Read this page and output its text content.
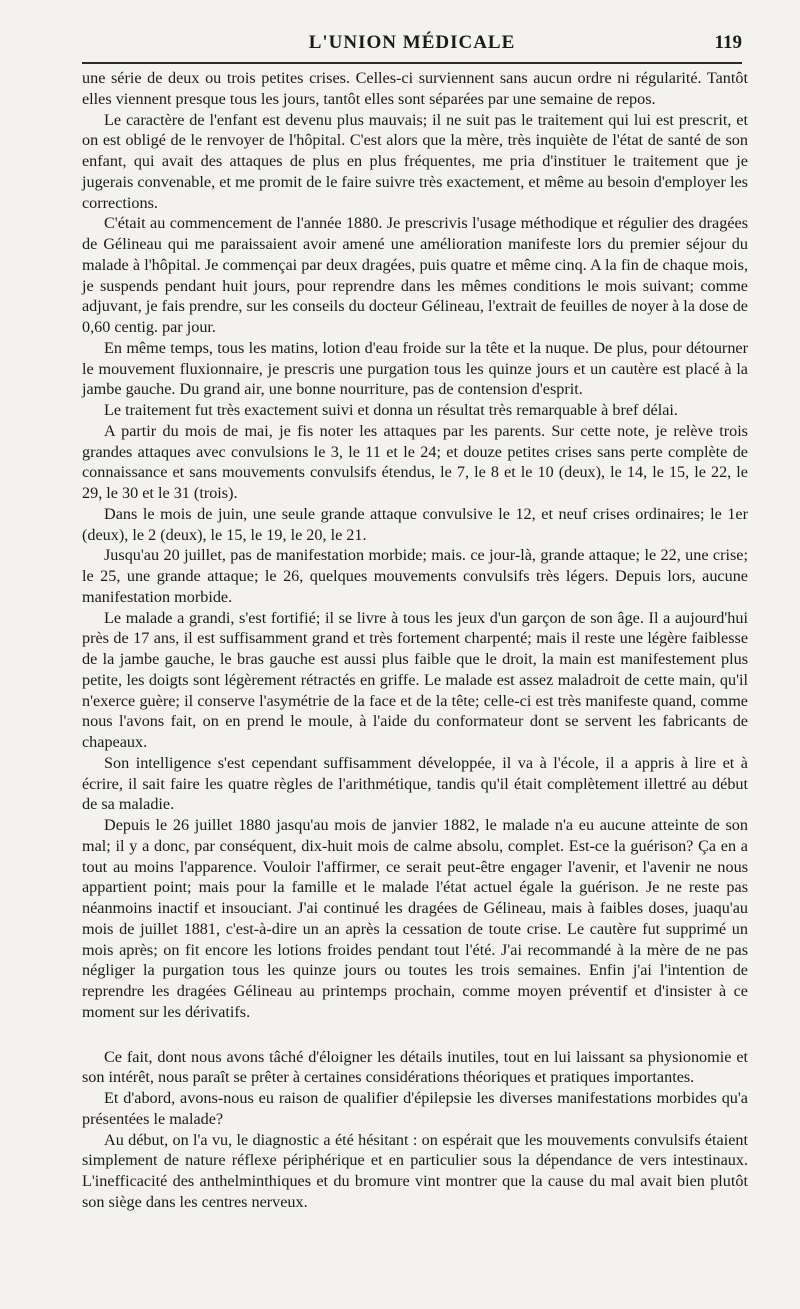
L'UNION MÉDICALE	119

une série de deux ou trois petites crises. Celles-ci surviennent sans aucun ordre ni régularité. Tantôt elles viennent presque tous les jours, tantôt elles sont séparées par une semaine de repos.

Le caractère de l'enfant est devenu plus mauvais; il ne suit pas le traitement qui lui est prescrit, et on est obligé de le renvoyer de l'hôpital. C'est alors que la mère, très inquiète de l'état de santé de son enfant, qui avait des attaques de plus en plus fréquentes, me pria d'instituer le traitement que je jugerais convenable, et me promit de le faire suivre très exactement, et même au besoin d'employer les corrections.

C'était au commencement de l'année 1880. Je prescrivis l'usage méthodique et régulier des dragées de Gélineau qui me paraissaient avoir amené une amélioration manifeste lors du premier séjour du malade à l'hôpital. Je commençai par deux dragées, puis quatre et même cinq. A la fin de chaque mois, je suspends pendant huit jours, pour reprendre dans les mêmes conditions le mois suivant; comme adjuvant, je fais prendre, sur les conseils du docteur Gélineau, l'extrait de feuilles de noyer à la dose de 0,60 centig. par jour.

En même temps, tous les matins, lotion d'eau froide sur la tête et la nuque. De plus, pour détourner le mouvement fluxionnaire, je prescris une purgation tous les quinze jours et un cautère est placé à la jambe gauche. Du grand air, une bonne nourriture, pas de contension d'esprit.

Le traitement fut très exactement suivi et donna un résultat très remarquable à bref délai.

A partir du mois de mai, je fis noter les attaques par les parents. Sur cette note, je relève trois grandes attaques avec convulsions le 3, le 11 et le 24; et douze petites crises sans perte complète de connaissance et sans mouvements convulsifs étendus, le 7, le 8 et le 10 (deux), le 14, le 15, le 22, le 29, le 30 et le 31 (trois).

Dans le mois de juin, une seule grande attaque convulsive le 12, et neuf crises ordinaires; le 1er (deux), le 2 (deux), le 15, le 19, le 20, le 21.

Jusqu'au 20 juillet, pas de manifestation morbide; mais. ce jour-là, grande attaque; le 22, une crise; le 25, une grande attaque; le 26, quelques mouvements convulsifs très légers. Depuis lors, aucune manifestation morbide.

Le malade a grandi, s'est fortifié; il se livre à tous les jeux d'un garçon de son âge. Il a aujourd'hui près de 17 ans, il est suffisamment grand et très fortement charpenté; mais il reste une légère faiblesse de la jambe gauche, le bras gauche est aussi plus faible que le droit, la main est manifestement plus petite, les doigts sont légèrement rétractés en griffe. Le malade est assez maladroit de cette main, qu'il n'exerce guère; il conserve l'asymétrie de la face et de la tête; celle-ci est très manifeste quand, comme nous l'avons fait, on en prend le moule, à l'aide du conformateur dont se servent les fabricants de chapeaux.

Son intelligence s'est cependant suffisamment développée, il va à l'école, il a appris à lire et à écrire, il sait faire les quatre règles de l'arithmétique, tandis qu'il était complètement illettré au début de sa maladie.

Depuis le 26 juillet 1880 jasqu'au mois de janvier 1882, le malade n'a eu aucune atteinte de son mal; il y a donc, par conséquent, dix-huit mois de calme absolu, complet. Est-ce la guérison? Ça en a tout au moins l'apparence. Vouloir l'affirmer, ce serait peut-être engager l'avenir, et l'avenir ne nous appartient point; mais pour la famille et le malade l'état actuel égale la guérison. Je ne reste pas néanmoins inactif et insouciant. J'ai continué les dragées de Gélineau, mais à faibles doses, juaqu'au mois de juillet 1881, c'est-à-dire un an après la cessation de toute crise. Le cautère fut supprimé un mois après; on fit encore les lotions froides pendant tout l'été. J'ai recommandé à la mère de ne pas négliger la purgation tous les quinze jours ou toutes les trois semaines. Enfin j'ai l'intention de reprendre les dragées Gélineau au printemps prochain, comme moyen préventif et d'insister à ce moment sur les dérivatifs.

Ce fait, dont nous avons tâché d'éloigner les détails inutiles, tout en lui laissant sa physionomie et son intérêt, nous paraît se prêter à certaines considérations théoriques et pratiques importantes.

Et d'abord, avons-nous eu raison de qualifier d'épilepsie les diverses manifestations morbides qu'a présentées le malade?

Au début, on l'a vu, le diagnostic a été hésitant : on espérait que les mouvements convulsifs étaient simplement de nature réflexe périphérique et en particulier sous la dépendance de vers intestinaux. L'inefficacité des anthelminthiques et du bromure vint montrer que la cause du mal avait bien plutôt son siège dans les centres nerveux.
